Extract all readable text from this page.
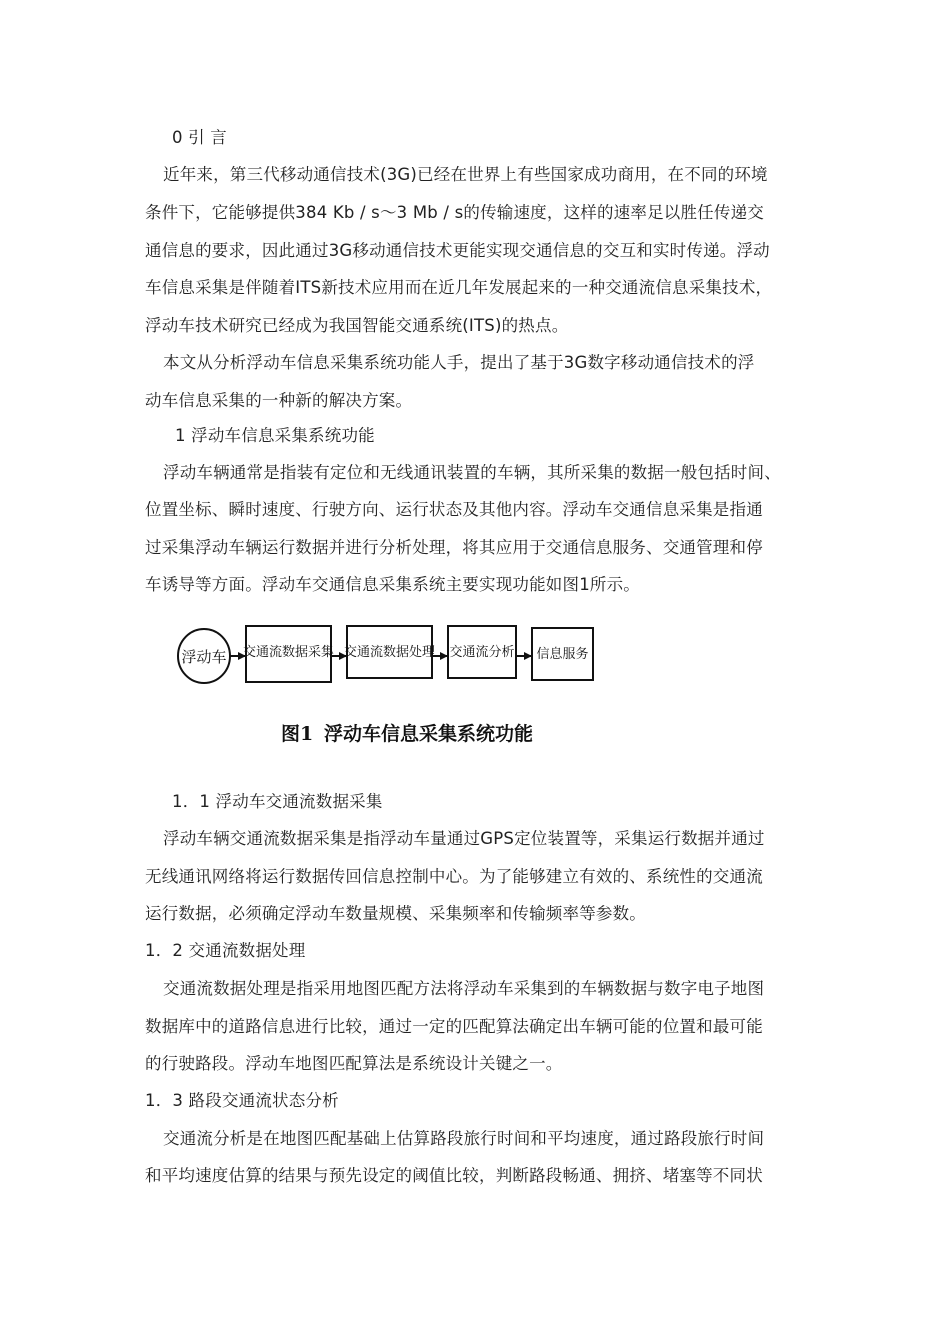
0 引 言
近年来，第三代移动通信技术(3G)已经在世界上有些国家成功商用，在不同的环境
条件下，它能够提供384 Kb / s～3 Mb / s的传输速度，这样的速率足以胜任传递交
通信息的要求，因此通过3G移动通信技术更能实现交通信息的交互和实时传递。浮动
车信息采集是伴随着ITS新技术应用而在近几年发展起来的一种交通流信息采集技术，
浮动车技术研究已经成为我国智能交通系统(ITS)的热点。
本文从分析浮动车信息采集系统功能人手，提出了基于3G数字移动通信技术的浮
动车信息采集的一种新的解决方案。
1 浮动车信息采集系统功能
浮动车辆通常是指装有定位和无线通讯装置的车辆，其所采集的数据一般包括时间、
位置坐标、瞬时速度、行驶方向、运行状态及其他内容。浮动车交通信息采集是指通
过采集浮动车辆运行数据并进行分析处理，将其应用于交通信息服务、交通管理和停
车诱导等方面。浮动车交通信息采集系统主要实现功能如图1所示。
浮动车 交通流数据采集 交通流数据处理 交通流分析 信息服务
图1 浮动车信息采集系统功能
1．1 浮动车交通流数据采集
浮动车辆交通流数据采集是指浮动车量通过GPS定位装置等，采集运行数据并通过
无线通讯网络将运行数据传回信息控制中心。为了能够建立有效的、系统性的交通流
运行数据，必须确定浮动车数量规模、采集频率和传输频率等参数。
1．2 交通流数据处理
交通流数据处理是指采用地图匹配方法将浮动车采集到的车辆数据与数字电子地图
数据库中的道路信息进行比较，通过一定的匹配算法确定出车辆可能的位置和最可能
的行驶路段。浮动车地图匹配算法是系统设计关键之一。
1．3 路段交通流状态分析
交通流分析是在地图匹配基础上估算路段旅行时间和平均速度，通过路段旅行时间
和平均速度估算的结果与预先设定的阈值比较，判断路段畅通、拥挤、堵塞等不同状
